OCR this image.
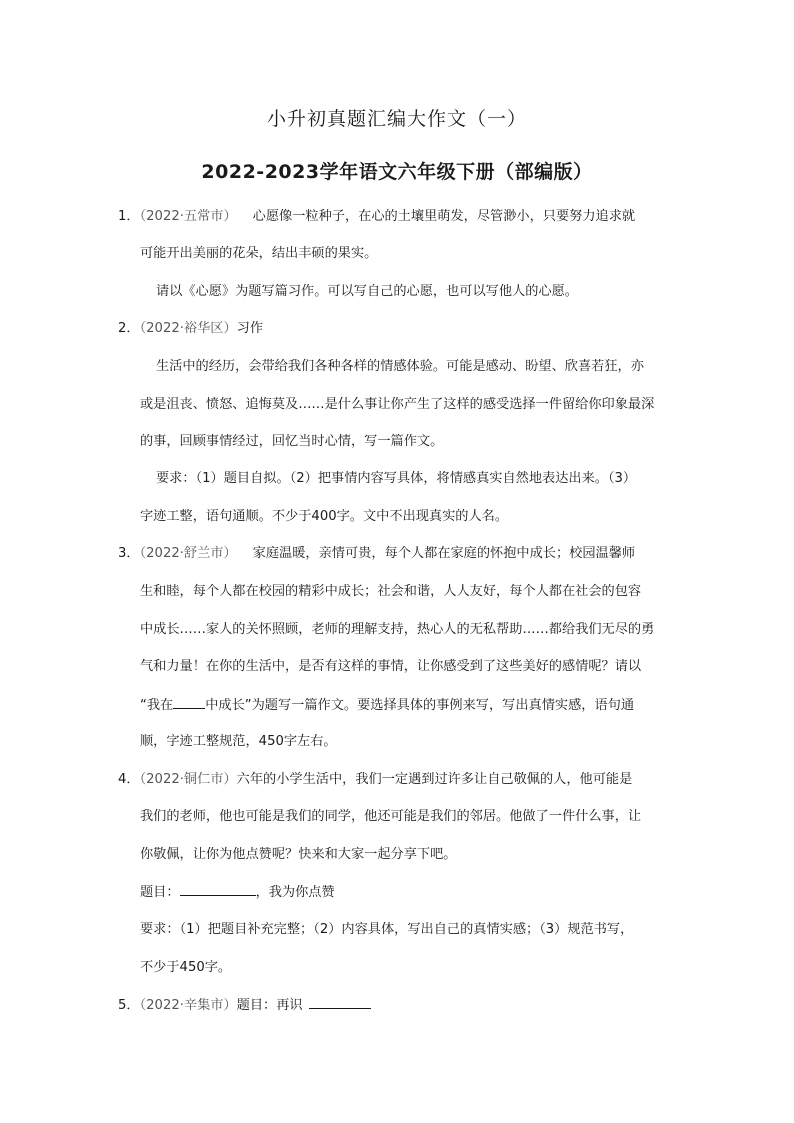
小升初真题汇编大作文（一）
2022-2023学年语文六年级下册（部编版）
1．（2022·五常市） 心愿像一粒种子，在心的土壤里萌发，尽管渺小，只要努力追求就
可能开出美丽的花朵，结出丰硕的果实。
请以《心愿》为题写篇习作。可以写自己的心愿，也可以写他人的心愿。
2．（2022·裕华区）习作
生活中的经历，会带给我们各种各样的情感体验。可能是感动、盼望、欣喜若狂，亦
或是沮丧、愤怒、追悔莫及……是什么事让你产生了这样的感受选择一件留给你印象最深
的事，回顾事情经过，回忆当时心情，写一篇作文。
要求：（1）题目自拟。（2）把事情内容写具体，将情感真实自然地表达出来。（3）
字迹工整，语句通顺。不少于400字。文中不出现真实的人名。
3．（2022·舒兰市） 家庭温暖，亲情可贵，每个人都在家庭的怀抱中成长；校园温馨师
生和睦，每个人都在校园的精彩中成长；社会和谐，人人友好，每个人都在社会的包容
中成长……家人的关怀照顾，老师的理解支持，热心人的无私帮助……都给我们无尽的勇
气和力量！在你的生活中，是否有这样的事情，让你感受到了这些美好的感情呢？请以
“我在 中成长”为题写一篇作文。要选择具体的事例来写，写出真情实感，语句通
顺，字迹工整规范，450字左右。
4．（2022·铜仁市）六年的小学生活中，我们一定遇到过许多让自己敬佩的人，他可能是
我们的老师，他也可能是我们的同学，他还可能是我们的邻居。他做了一件什么事，让
你敬佩，让你为他点赞呢？快来和大家一起分享下吧。
题目：	，我为你点赞
要求：（1）把题目补充完整；（2）内容具体，写出自己的真情实感；（3）规范书写，
不少于450字。
5．（2022·辛集市）题目：再识
